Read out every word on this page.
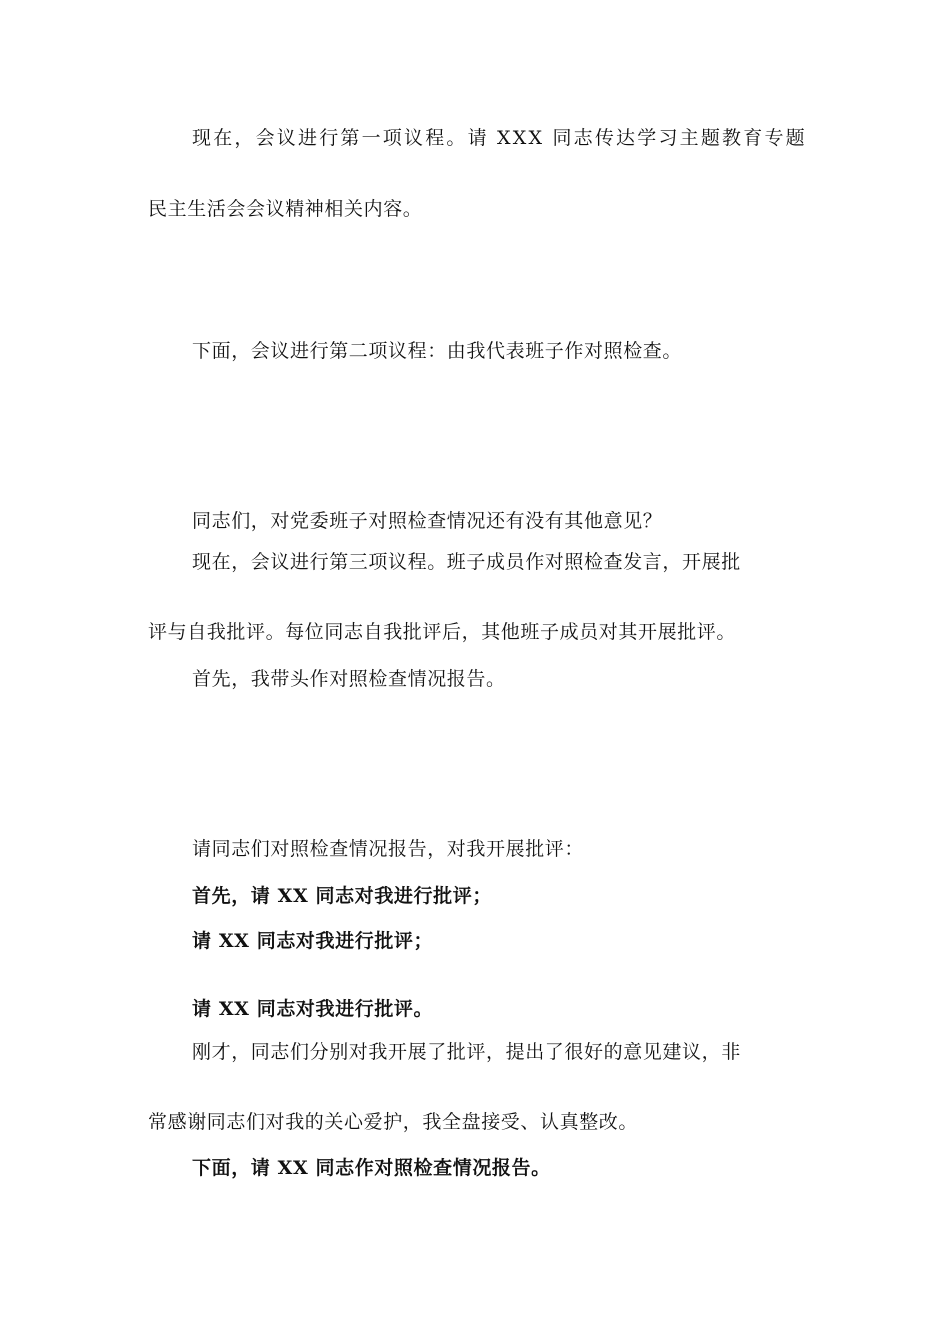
现在，会议进行第一项议程。请 XXX 同志传达学习主题教育专题
民主生活会会议精神相关内容。
下面，会议进行第二项议程：由我代表班子作对照检查。
同志们，对党委班子对照检查情况还有没有其他意见？
现在，会议进行第三项议程。班子成员作对照检查发言，开展批
评与自我批评。每位同志自我批评后，其他班子成员对其开展批评。
首先，我带头作对照检查情况报告。
请同志们对照检查情况报告，对我开展批评：
首先，请 XX 同志对我进行批评；
请 XX 同志对我进行批评；
请 XX 同志对我进行批评。
刚才，同志们分别对我开展了批评，提出了很好的意见建议，非
常感谢同志们对我的关心爱护，我全盘接受、认真整改。
下面，请 XX 同志作对照检查情况报告。
